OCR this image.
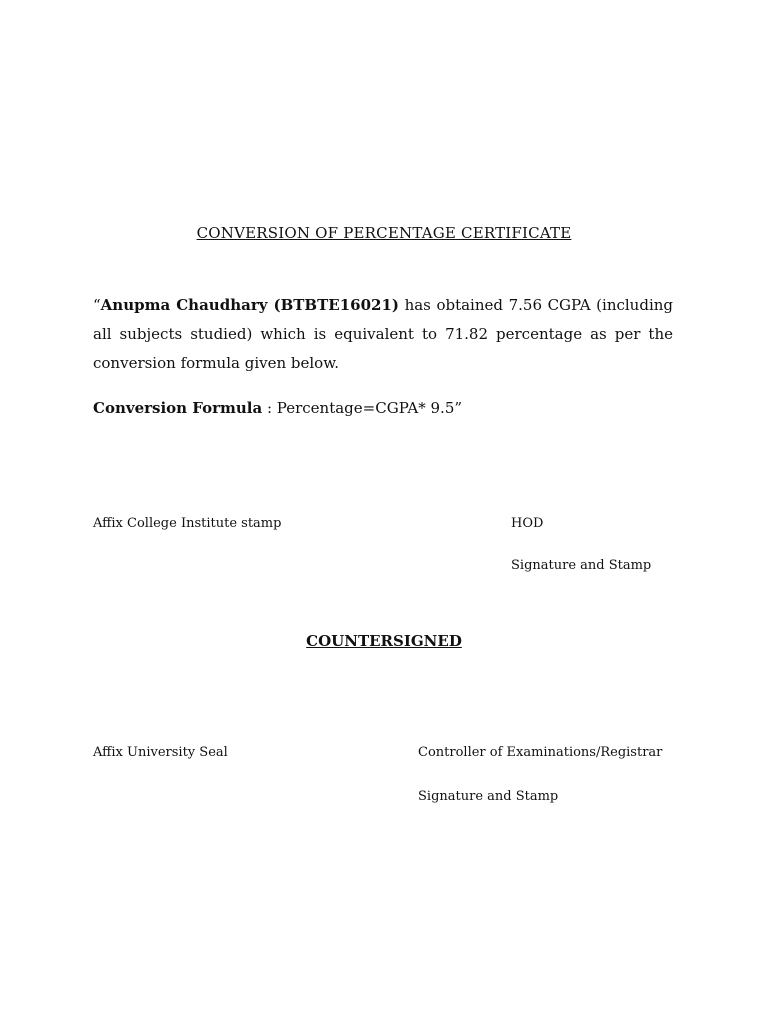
CONVERSION OF PERCENTAGE CERTIFICATE
“Anupma Chaudhary (BTBTE16021) has obtained 7.56 CGPA (including all subjects studied) which is equivalent to 71.82 percentage as per the conversion formula given below.
Conversion Formula : Percentage=CGPA* 9.5”
Affix College Institute stamp	HOD
Signature and Stamp
COUNTERSIGNED
Affix University Seal	Controller of Examinations/Registrar
Signature and Stamp
